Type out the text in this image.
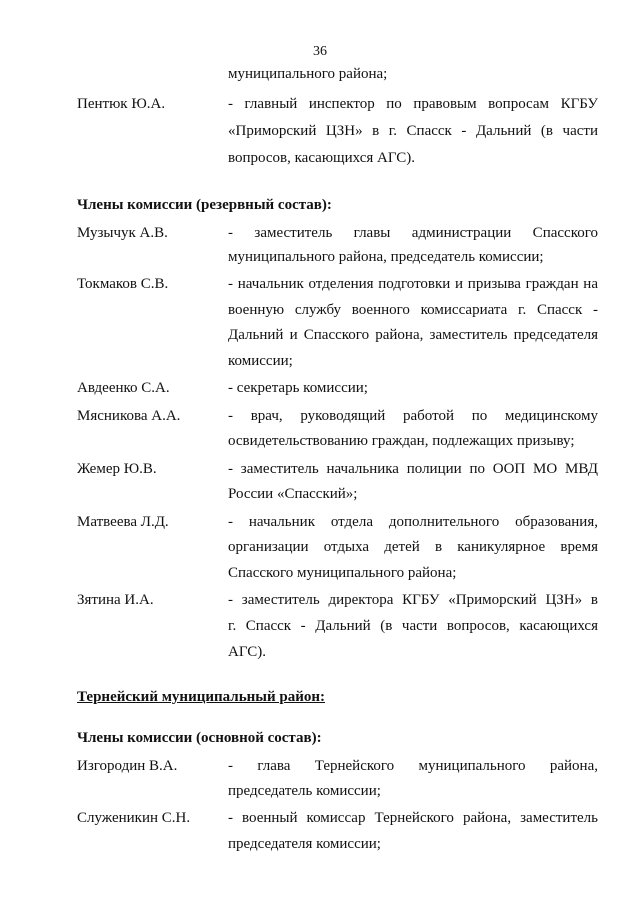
36
муниципального района;
Пентюк Ю.А.	- главный инспектор по правовым вопросам КГБУ
«Приморский ЦЗН» в г. Спасск - Дальний (в части
вопросов, касающихся АГС).
Члены комиссии (резервный состав):
Музычук А.В.	- заместитель главы администрации Спасского
муниципального района, председатель комиссии;
Токмаков С.В.	- начальник отделения подготовки и призыва граждан на
военную службу военного комиссариата г. Спасск -
Дальний и Спасского района, заместитель председателя
комиссии;
Авдеенко С.А.	- секретарь комиссии;
Мясникова А.А.	- врач, руководящий работой по медицинскому
освидетельствованию граждан, подлежащих призыву;
Жемер Ю.В.	- заместитель начальника полиции по ООП МО МВД
России «Спасский»;
Матвеева Л.Д.	- начальник отдела дополнительного образования,
организации отдыха детей в каникулярное время
Спасского муниципального района;
Зятина И.А.	- заместитель директора КГБУ «Приморский ЦЗН» в
г. Спасск - Дальний (в части вопросов, касающихся
АГС).
Тернейский муниципальный район:
Члены комиссии (основной состав):
Изгородин В.А.	- глава Тернейского муниципального района,
председатель комиссии;
Служеникин С.Н.	- военный комиссар Тернейского района, заместитель
председателя комиссии;
